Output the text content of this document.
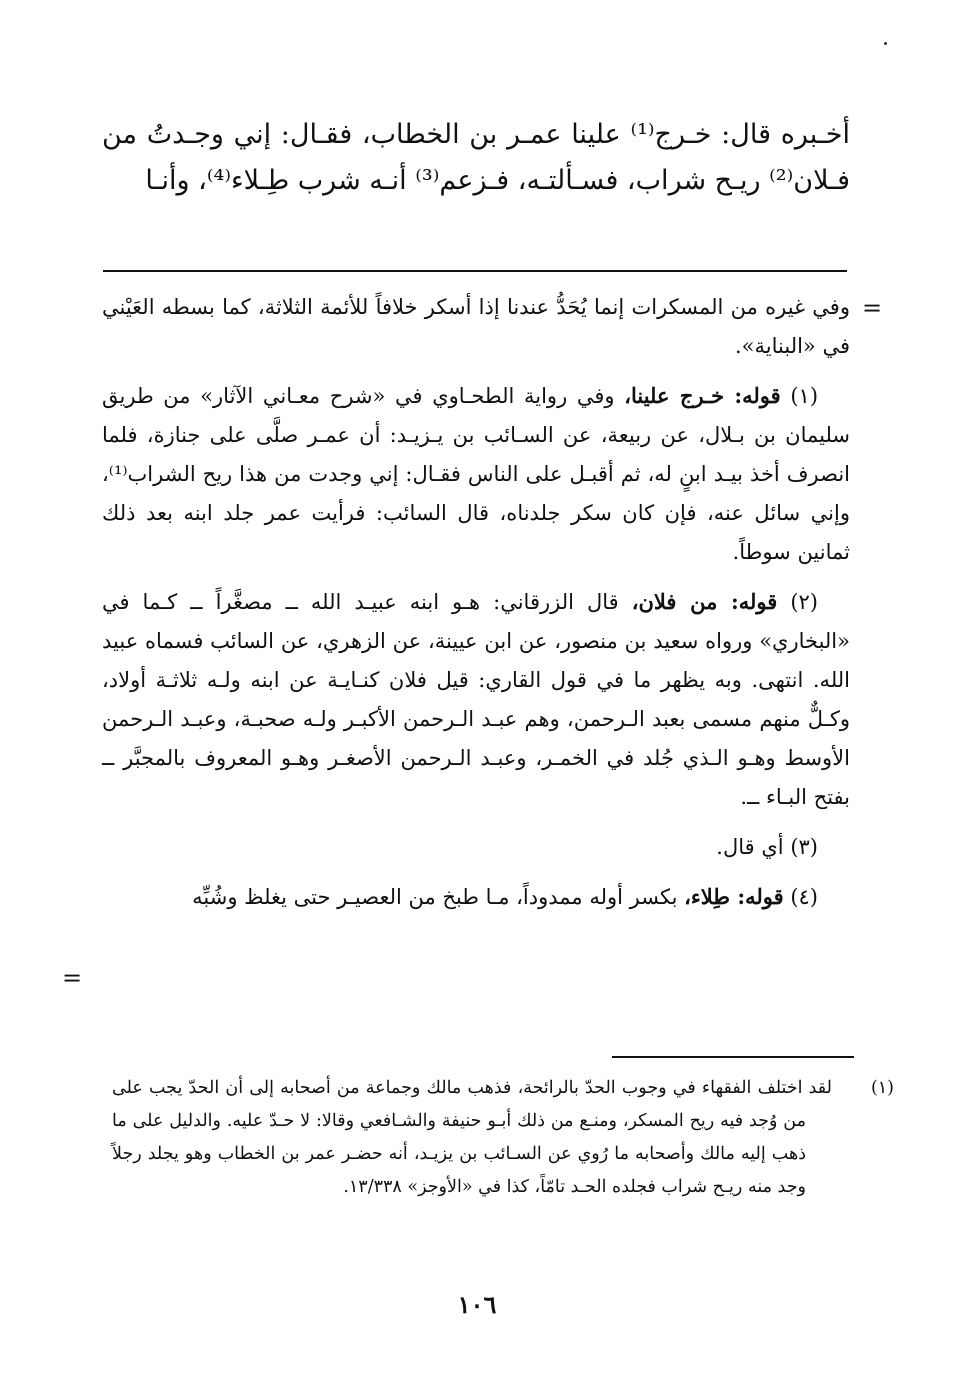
أخـبره قال: خـرج⁽¹⁾ علينا عمـر بن الخطاب، فقـال: إني وجـدتُ من فـلان⁽²⁾ ريـح شراب، فسـألتـه، فـزعم⁽³⁾ أنـه شرب طِـلاء⁽⁴⁾، وأنـا
=

وفي غيره من المسكرات إنما يُحَدُّ عندنا إذا أسكر خلافاً للأئمة الثلاثة، كما بسطه العَيْني في «البناية».

(١) قوله: خـرج علينا، وفي رواية الطحـاوي في «شرح معـاني الآثار» من طريق سليمان بن بـلال، عن ربيعة، عن السـائب بن يـزيـد: أن عمـر صلَّى على جنازة، فلما انصرف أخذ بيـد ابنٍ له، ثم أقبـل على الناس فقـال: إني وجدت من هذا ريح الشراب⁽¹⁾، وإني سائل عنه، فإن كان سكر جلدناه، قال السائب: فرأيت عمر جلد ابنه بعد ذلك ثمانين سوطاً.

(٢) قوله: من فلان، قال الزرقاني: هـو ابنه عبيـد الله ــ مصغَّراً ــ كـما في «البخاري» ورواه سعيد بن منصور، عن ابن عيينة، عن الزهري، عن السائب فسماه عبيد الله. انتهى. وبه يظهر ما في قول القاري: قيل فلان كنـايـة عن ابنه ولـه ثلاثـة أولاد، وكـلٌّ منهم مسمى بعبد الـرحمن، وهم عبـد الـرحمن الأكبـر ولـه صحبـة، وعبـد الـرحمن الأوسط وهـو الـذي جُلد في الخمـر، وعبـد الـرحمن الأصغـر وهـو المعروف بالمجبَّر ــ بفتح البـاء ــ.

(٣) أي قال.

(٤) قوله: طِلاء، بكسر أوله ممدوداً، مـا طبخ من العصيـر حتى يغلظ وشُبِّه

=

(١)لقد اختلف الفقهاء في وجوب الحدّ بالرائحة، فذهب مالك وجماعة من أصحابه إلى أن الحدّ يجب على من وُجد فيه ريح المسكر، ومنـع من ذلك أبـو حنيفة والشـافعي وقالا: لا حـدّ عليه. والدليل على ما ذهب إليه مالك وأصحابه ما رُوي عن السـائب بن يزيـد، أنه حضـر عمر بن الخطاب وهو يجلد رجلاً وجد منه ريـح شراب فجلده الحـد تامّاً، كذا في «الأوجز» ١٣/٣٣٨.

١٠٦
